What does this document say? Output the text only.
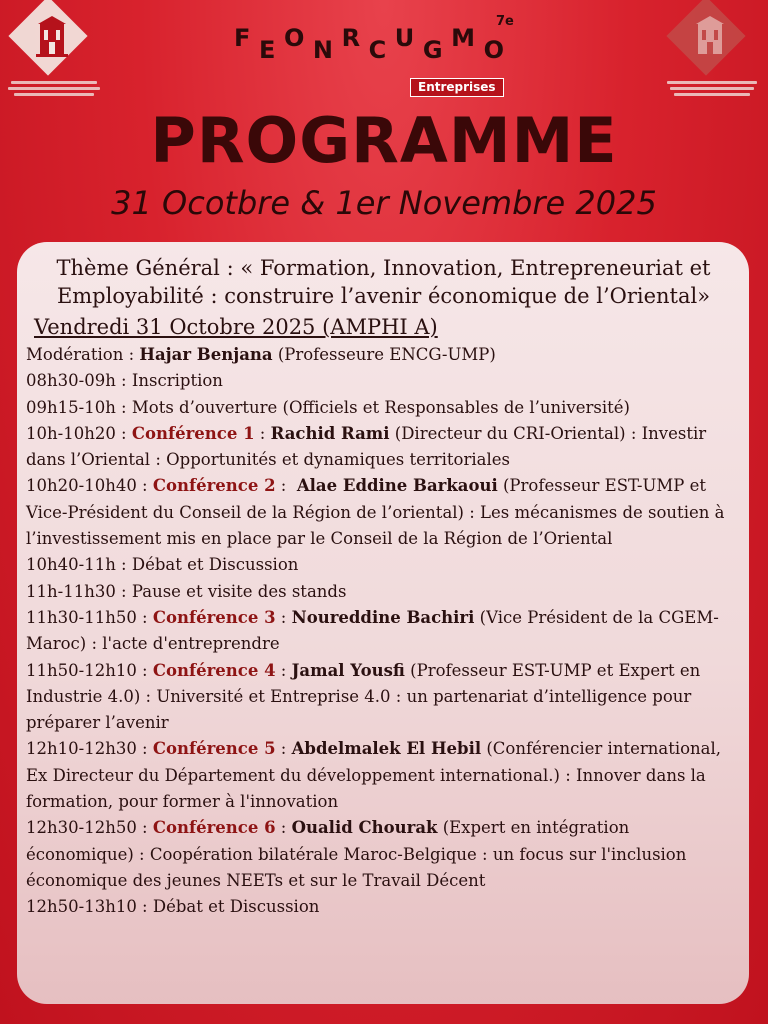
F E O N R C U G M O
7e
Entreprises
PROGRAMME
31 Ocotbre & 1er Novembre 2025

Thème Général : « Formation, Innovation, Entrepreneuriat et Employabilité : construire l’avenir économique de l’Oriental»

Vendredi 31 Octobre 2025 (AMPHI A)

Modération : Hajar Benjana (Professeure ENCG-UMP)

08h30-09h : Inscription

09h15-10h : Mots d’ouverture (Officiels et Responsables de l’université)

10h-10h20 : Conférence 1 : Rachid Rami (Directeur du CRI-Oriental) : Investir dans l’Oriental : Opportunités et dynamiques territoriales

10h20-10h40 : Conférence 2 :  Alae Eddine Barkaoui (Professeur EST-UMP et Vice-Président du Conseil de la Région de l’oriental) : Les mécanismes de soutien à l’investissement mis en place par le Conseil de la Région de l’Oriental

10h40-11h : Débat et Discussion

11h-11h30 : Pause et visite des stands

11h30-11h50 : Conférence 3 : Noureddine Bachiri (Vice Président de la CGEM-Maroc) : l'acte d'entreprendre

11h50-12h10 : Conférence 4 : Jamal Yousfi (Professeur EST-UMP et Expert en Industrie 4.0) : Université et Entreprise 4.0 : un partenariat d’intelligence pour préparer l’avenir

12h10-12h30 : Conférence 5 : Abdelmalek El Hebil (Conférencier international, Ex Directeur du Département du développement international.) : Innover dans la formation, pour former à l'innovation

12h30-12h50 : Conférence 6 : Oualid Chourak (Expert en intégration économique) : Coopération bilatérale Maroc-Belgique : un focus sur l'inclusion économique des jeunes NEETs et sur le Travail Décent

12h50-13h10 : Débat et Discussion
